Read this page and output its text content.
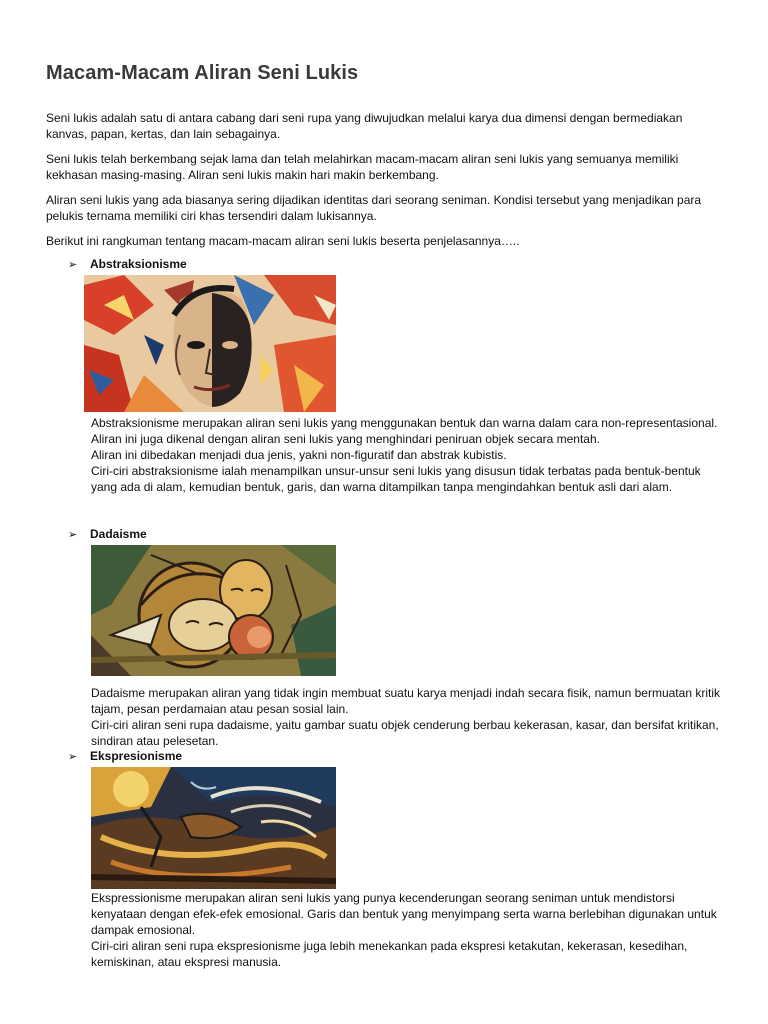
Macam-Macam Aliran Seni Lukis

Seni lukis adalah satu di antara cabang dari seni rupa yang diwujudkan melalui karya dua dimensi dengan bermediakan kanvas, papan, kertas, dan lain sebagainya.

Seni lukis telah berkembang sejak lama dan telah melahirkan macam-macam aliran seni lukis yang semuanya memiliki kekhasan masing-masing. Aliran seni lukis makin hari makin berkembang.

Aliran seni lukis yang ada biasanya sering dijadikan identitas dari seorang seniman. Kondisi tersebut yang menjadikan para pelukis ternama memiliki ciri khas tersendiri dalam lukisannya.

Berikut ini rangkuman tentang macam-macam aliran seni lukis beserta penjelasannya…..

➢ Abstraksionisme

Abstraksionisme merupakan aliran seni lukis yang menggunakan bentuk dan warna dalam cara non-representasional. Aliran ini juga dikenal dengan aliran seni lukis yang menghindari peniruan objek secara mentah.

Aliran ini dibedakan menjadi dua jenis, yakni non-figuratif dan abstrak kubistis.

Ciri-ciri abstraksionisme ialah menampilkan unsur-unsur seni lukis yang disusun tidak terbatas pada bentuk-bentuk yang ada di alam, kemudian bentuk, garis, dan warna ditampilkan tanpa mengindahkan bentuk asli dari alam.

➢ Dadaisme

Dadaisme merupakan aliran yang tidak ingin membuat suatu karya menjadi indah secara fisik, namun bermuatan kritik tajam, pesan perdamaian atau pesan sosial lain.

Ciri-ciri aliran seni rupa dadaisme, yaitu gambar suatu objek cenderung berbau kekerasan, kasar, dan bersifat kritikan, sindiran atau pelesetan.

➢ Ekspresionisme

Ekspressionisme merupakan aliran seni lukis yang punya kecenderungan seorang seniman untuk mendistorsi kenyataan dengan efek-efek emosional. Garis dan bentuk yang menyimpang serta warna berlebihan digunakan untuk dampak emosional.

Ciri-ciri aliran seni rupa ekspresionisme juga lebih menekankan pada ekspresi ketakutan, kekerasan, kesedihan, kemiskinan, atau ekspresi manusia.
